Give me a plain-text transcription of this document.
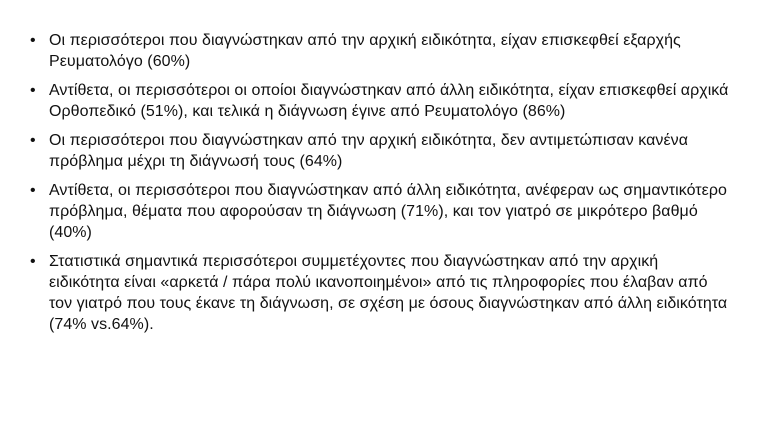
• Οι περισσότεροι που διαγνώστηκαν από την αρχική ειδικότητα, είχαν επισκεφθεί εξαρχής Ρευματολόγο (60%)
• Αντίθετα, οι περισσότεροι οι οποίοι διαγνώστηκαν από άλλη ειδικότητα, είχαν επισκεφθεί αρχικά Ορθοπεδικό (51%), και τελικά η διάγνωση έγινε από Ρευματολόγο (86%)
• Οι περισσότεροι που διαγνώστηκαν από την αρχική ειδικότητα, δεν αντιμετώπισαν κανένα πρόβλημα μέχρι τη διάγνωσή τους (64%)
• Αντίθετα, οι περισσότεροι που διαγνώστηκαν από άλλη ειδικότητα, ανέφεραν ως σημαντικότερο πρόβλημα, θέματα που αφορούσαν τη διάγνωση (71%), και τον γιατρό σε μικρότερο βαθμό (40%)
• Στατιστικά σημαντικά περισσότεροι συμμετέχοντες που διαγνώστηκαν από την αρχική ειδικότητα είναι «αρκετά / πάρα πολύ ικανοποιημένοι» από τις πληροφορίες που έλαβαν από τον γιατρό που τους έκανε τη διάγνωση, σε σχέση με όσους διαγνώστηκαν από άλλη ειδικότητα (74% vs.64%).
